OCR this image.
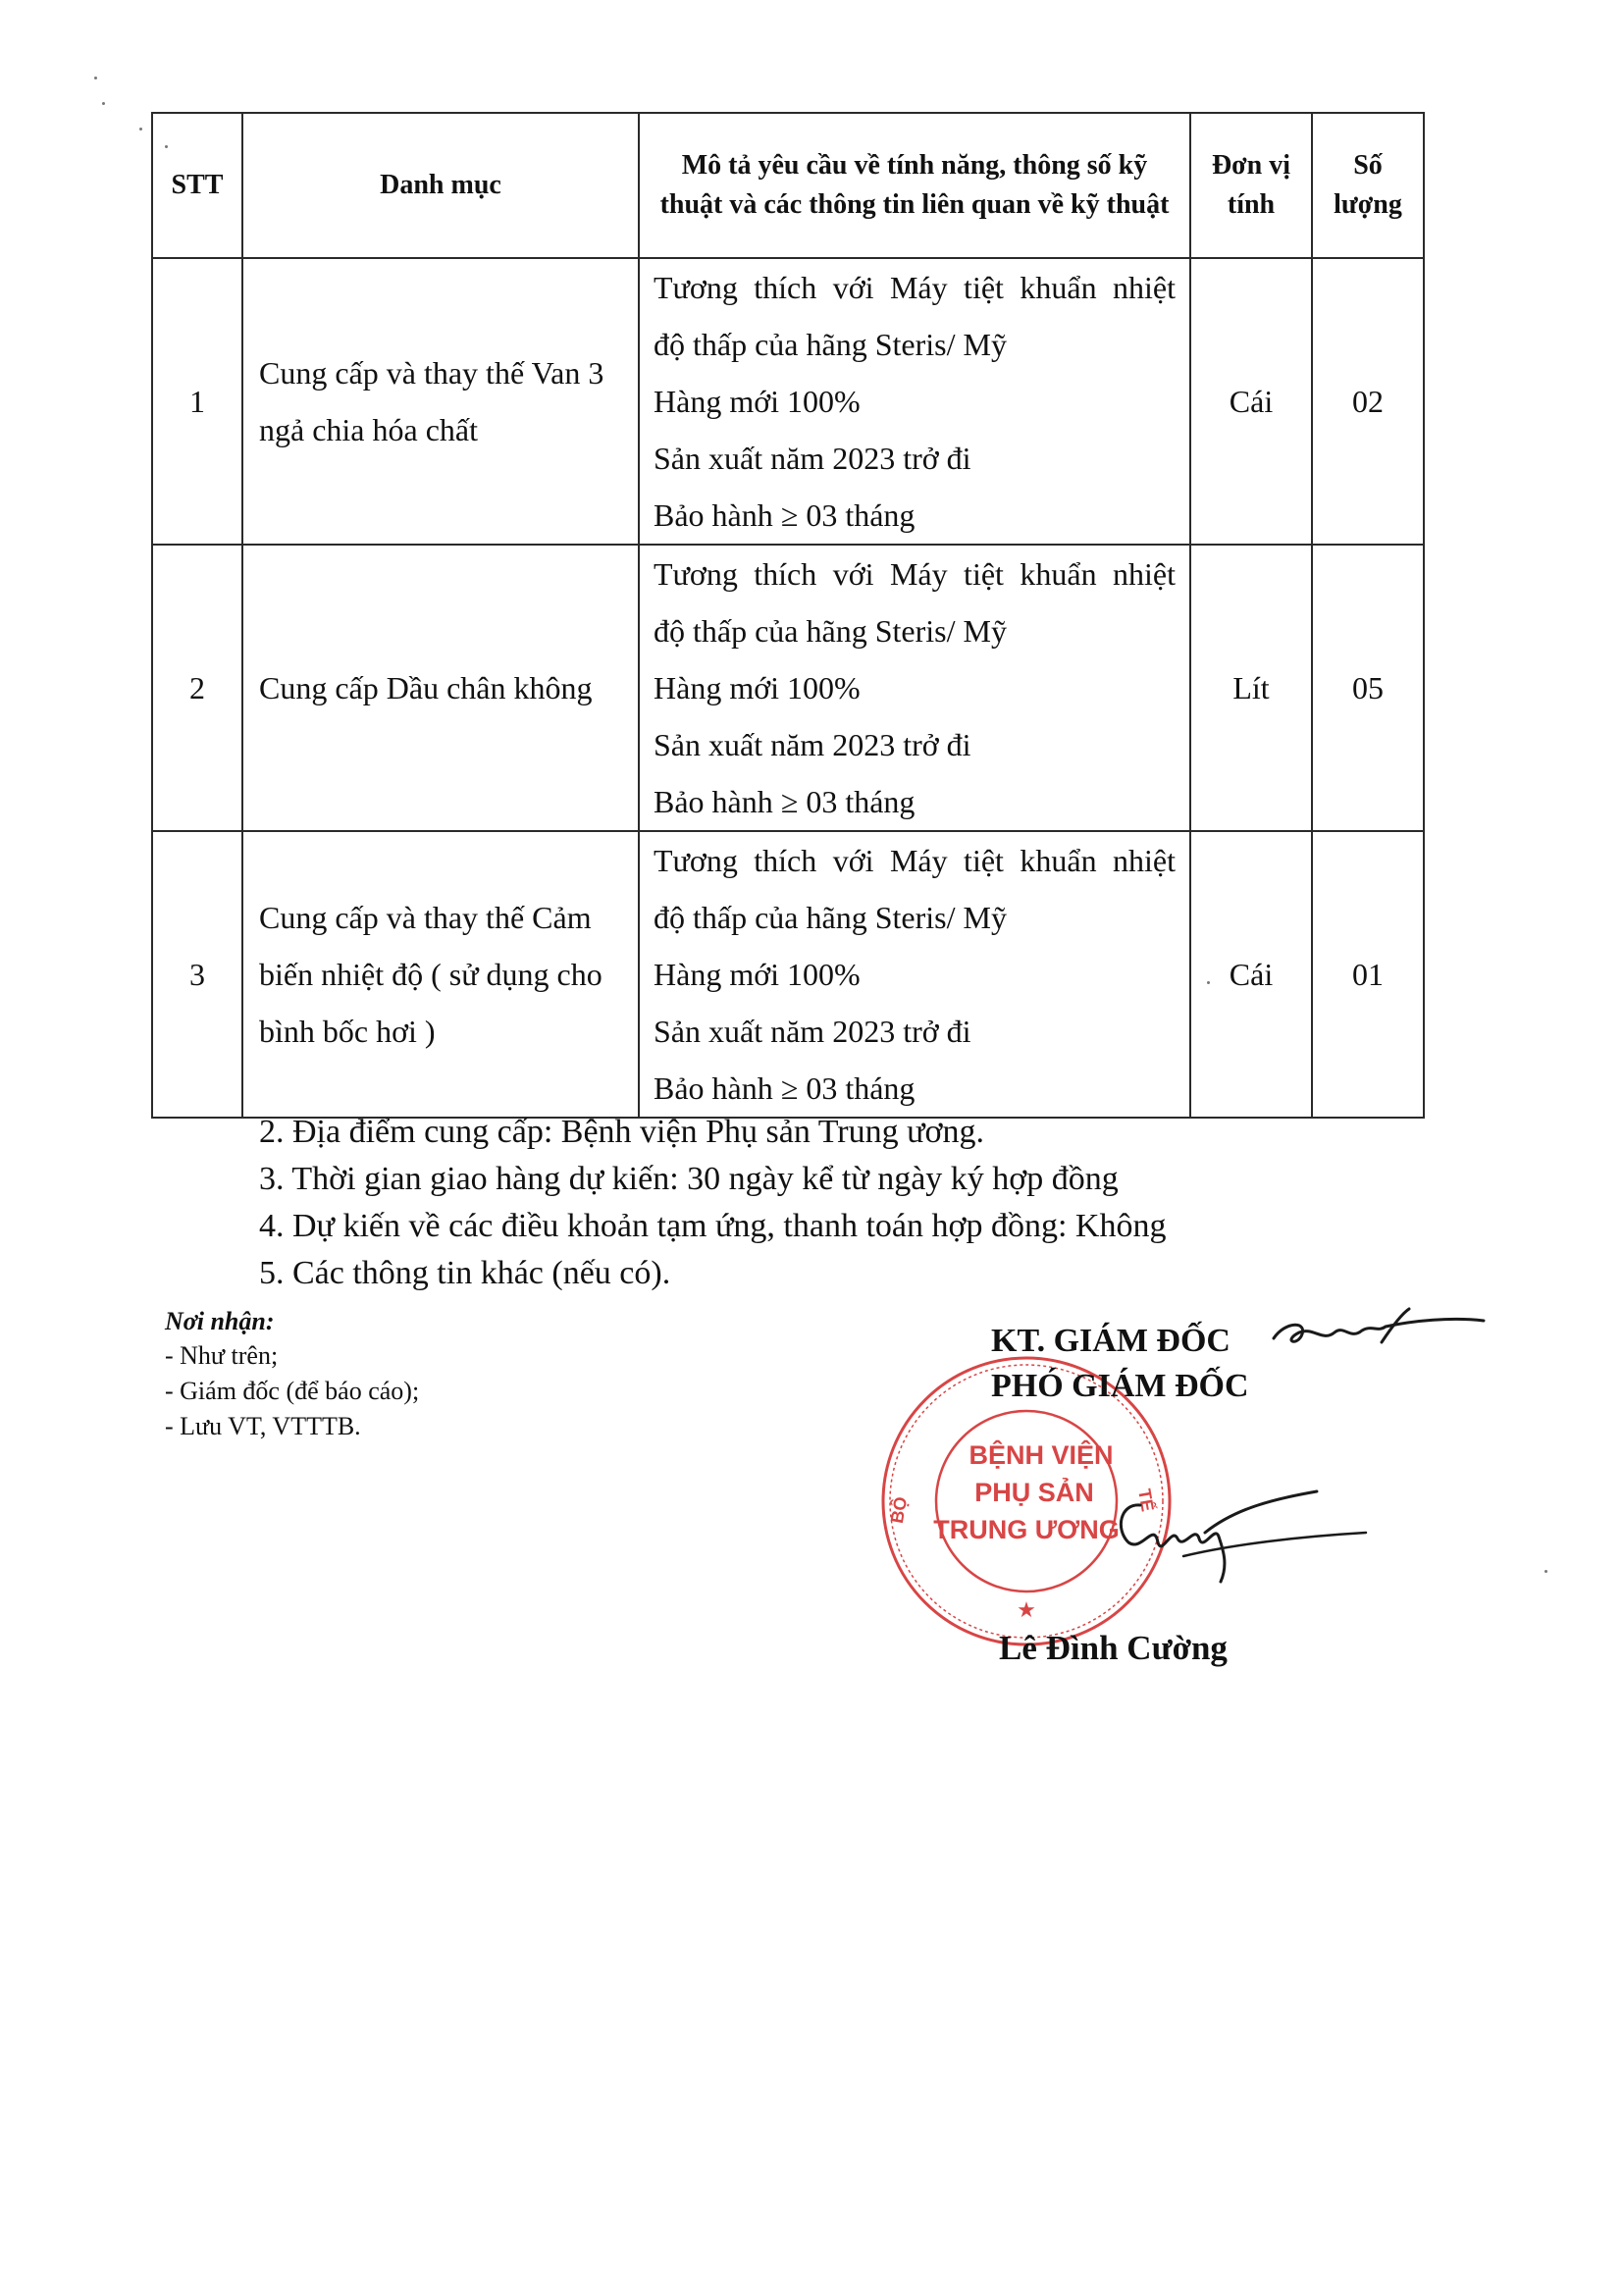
STT	Danh mục	Mô tả yêu cầu về tính năng, thông số kỹ thuật và các thông tin liên quan về kỹ thuật	Đơn vị tính	Số lượng
1	Cung cấp và thay thế Van 3 ngả chia hóa chất	Tương thích với Máy tiệt khuẩn nhiệt
độ thấp của hãng Steris/ Mỹ
Hàng mới 100%
Sản xuất năm 2023 trở đi
Bảo hành ≥ 03 tháng	Cái	02
2	Cung cấp Dầu chân không	Tương thích với Máy tiệt khuẩn nhiệt
độ thấp của hãng Steris/ Mỹ
Hàng mới 100%
Sản xuất năm 2023 trở đi
Bảo hành ≥ 03 tháng	Lít	05
3	Cung cấp và thay thế Cảm biến nhiệt độ ( sử dụng cho bình bốc hơi )	Tương thích với Máy tiệt khuẩn nhiệt
độ thấp của hãng Steris/ Mỹ
Hàng mới 100%
Sản xuất năm 2023 trở đi
Bảo hành ≥ 03 tháng	Cái	01
2. Địa điểm cung cấp: Bệnh viện Phụ sản Trung ương.
3. Thời gian giao hàng dự kiến: 30 ngày kể từ ngày ký hợp đồng
4. Dự kiến về các điều khoản tạm ứng, thanh toán hợp đồng: Không
5. Các thông tin khác (nếu có).
Nơi nhận:
- Như trên;
- Giám đốc (để báo cáo);
- Lưu VT, VTTTB.
BỆNH VIỆN
PHỤ SẢN
TRUNG ƯƠNG
BỘ	TẾ
★
KT. GIÁM ĐỐC
PHÓ GIÁM ĐỐC
Lê Đình Cường
